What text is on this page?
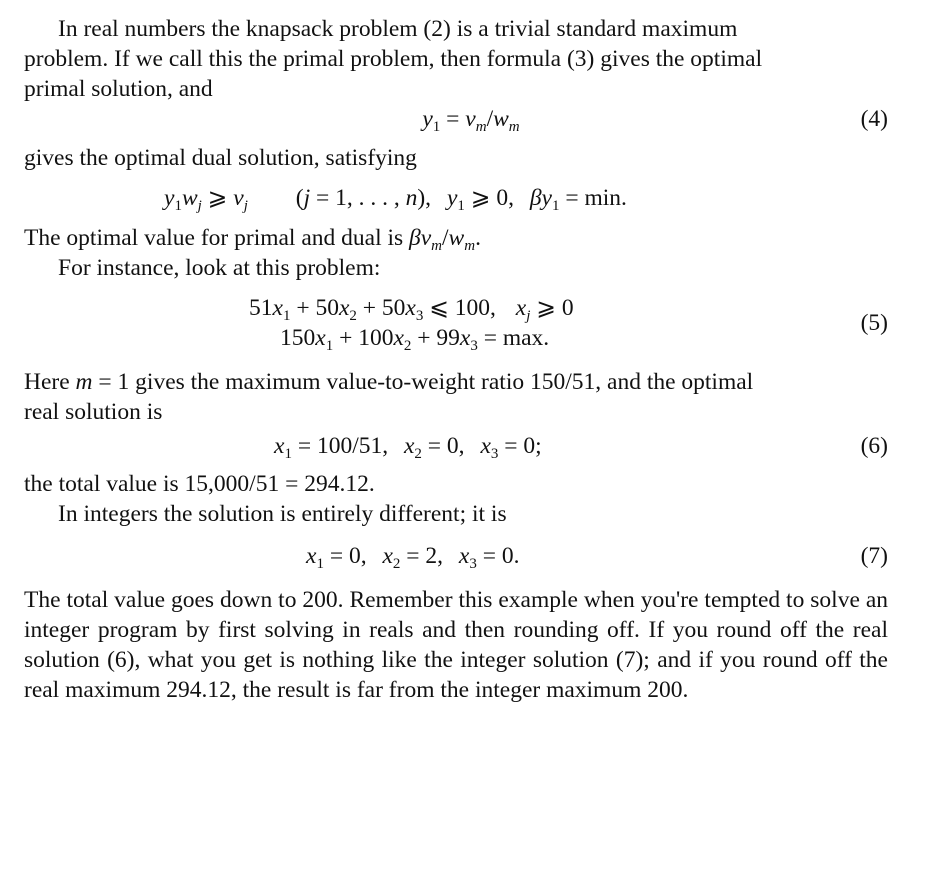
In real numbers the knapsack problem (2) is a trivial standard maximum

problem. If we call this the primal problem, then formula (3) gives the optimal

primal solution, and

$y_1 = v_m/w_m$	(4)

gives the optimal dual solution, satisfying

$y_1w_j$ ⩾ $v_j$ (j = 1, . . . , n), $y_1$ ⩾ 0, $\beta y_1 = \min$.

The optimal value for primal and dual is $\beta v_m/w_m$.

For instance, look at this problem:

$51x_1 + 50x_2 + 50x_3$ ⩽ 100, $x_j$ ⩾ 0
$150x_1 + 100x_2 + 99x_3 = \max$.
(5)

Here m = 1 gives the maximum value-to-weight ratio 150/51, and the optimal

real solution is

$x_1 = 100/51$, $x_2 = 0$, $x_3 = 0$;	(6)

the total value is 15,000/51 = 294.12.

In integers the solution is entirely different; it is

$x_1 = 0$, $x_2 = 2$, $x_3 = 0$.	(7)

The total value goes down to 200. Remember this example when you're tempted to solve an integer program by first solving in reals and then rounding off. If you round off the real solution (6), what you get is nothing like the integer solution (7); and if you round off the real maximum 294.12, the result is far from the integer maximum 200.
